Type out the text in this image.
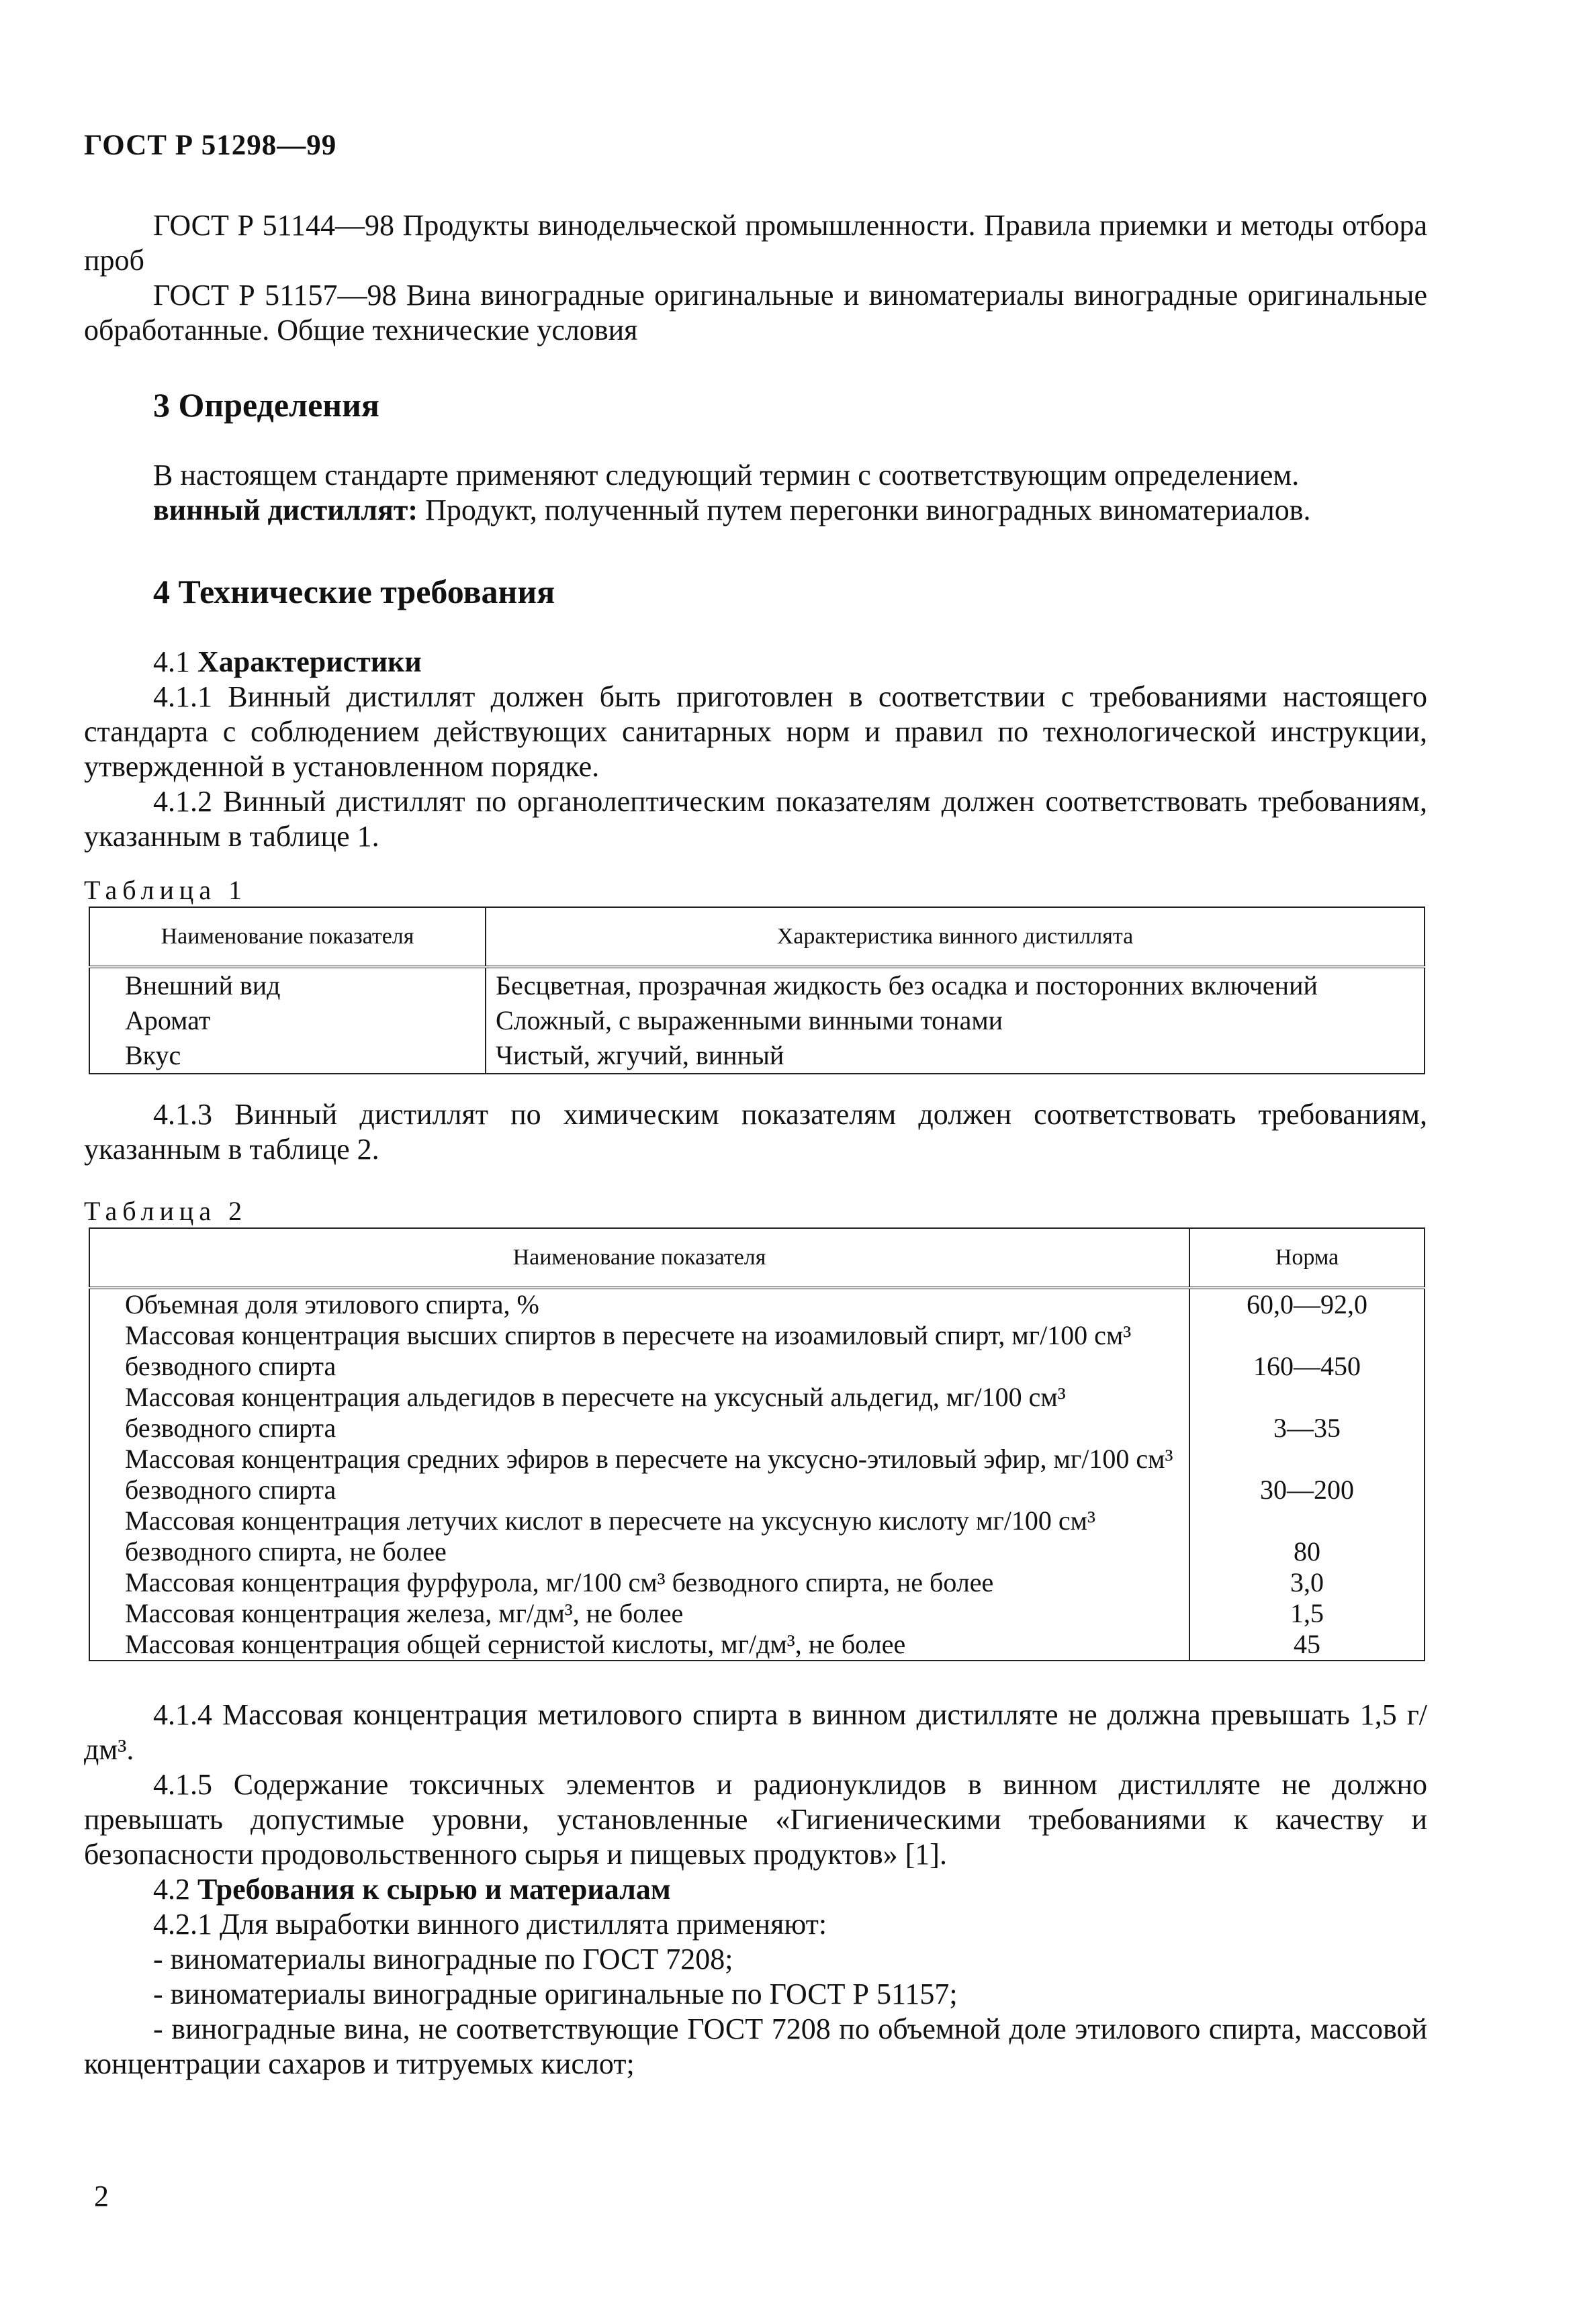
ГОСТ Р 51298—99
ГОСТ Р 51144—98 Продукты винодельческой промышленности. Правила приемки и методы отбора проб
ГОСТ Р 51157—98 Вина виноградные оригинальные и виноматериалы виноградные оригинальные обработанные. Общие технические условия
3 Определения
В настоящем стандарте применяют следующий термин с соответствующим определением.
винный дистиллят: Продукт, полученный путем перегонки виноградных виноматериалов.
4 Технические требования
4.1 Характеристики
4.1.1 Винный дистиллят должен быть приготовлен в соответствии с требованиями настоящего стандарта с соблюдением действующих санитарных норм и правил по технологической инструкции, утвержденной в установленном порядке.
4.1.2 Винный дистиллят по органолептическим показателям должен соответствовать требованиям, указанным в таблице 1.
Таблица 1
Наименование показателя	Характеристика винного дистиллята
Внешний вид	Бесцветная, прозрачная жидкость без осадка и посторонних включений
Аромат	Сложный, с выраженными винными тонами
Вкус	Чистый, жгучий, винный
4.1.3 Винный дистиллят по химическим показателям должен соответствовать требованиям, указанным в таблице 2.
Таблица 2
Наименование показателя	Норма
Объемная доля этилового спирта, %	60,0—92,0
Массовая концентрация высших спиртов в пересчете на изоамиловый спирт, мг/100 см³ безводного спирта	160—450
Массовая концентрация альдегидов в пересчете на уксусный альдегид, мг/100 см³ безводного спирта	3—35
Массовая концентрация средних эфиров в пересчете на уксусно-этиловый эфир, мг/100 см³ безводного спирта	30—200
Массовая концентрация летучих кислот в пересчете на уксусную кислоту мг/100 см³ безводного спирта, не более	80
Массовая концентрация фурфурола, мг/100 см³ безводного спирта, не более	3,0
Массовая концентрация железа, мг/дм³, не более	1,5
Массовая концентрация общей сернистой кислоты, мг/дм³, не более	45
4.1.4 Массовая концентрация метилового спирта в винном дистилляте не должна превышать 1,5 г/дм³.
4.1.5 Содержание токсичных элементов и радионуклидов в винном дистилляте не должно превышать допустимые уровни, установленные «Гигиеническими требованиями к качеству и безопасности продовольственного сырья и пищевых продуктов» [1].
4.2 Требования к сырью и материалам
4.2.1 Для выработки винного дистиллята применяют:
- виноматериалы виноградные по ГОСТ 7208;
- виноматериалы виноградные оригинальные по ГОСТ Р 51157;
- виноградные вина, не соответствующие ГОСТ 7208 по объемной доле этилового спирта, массовой концентрации сахаров и титруемых кислот;
2
